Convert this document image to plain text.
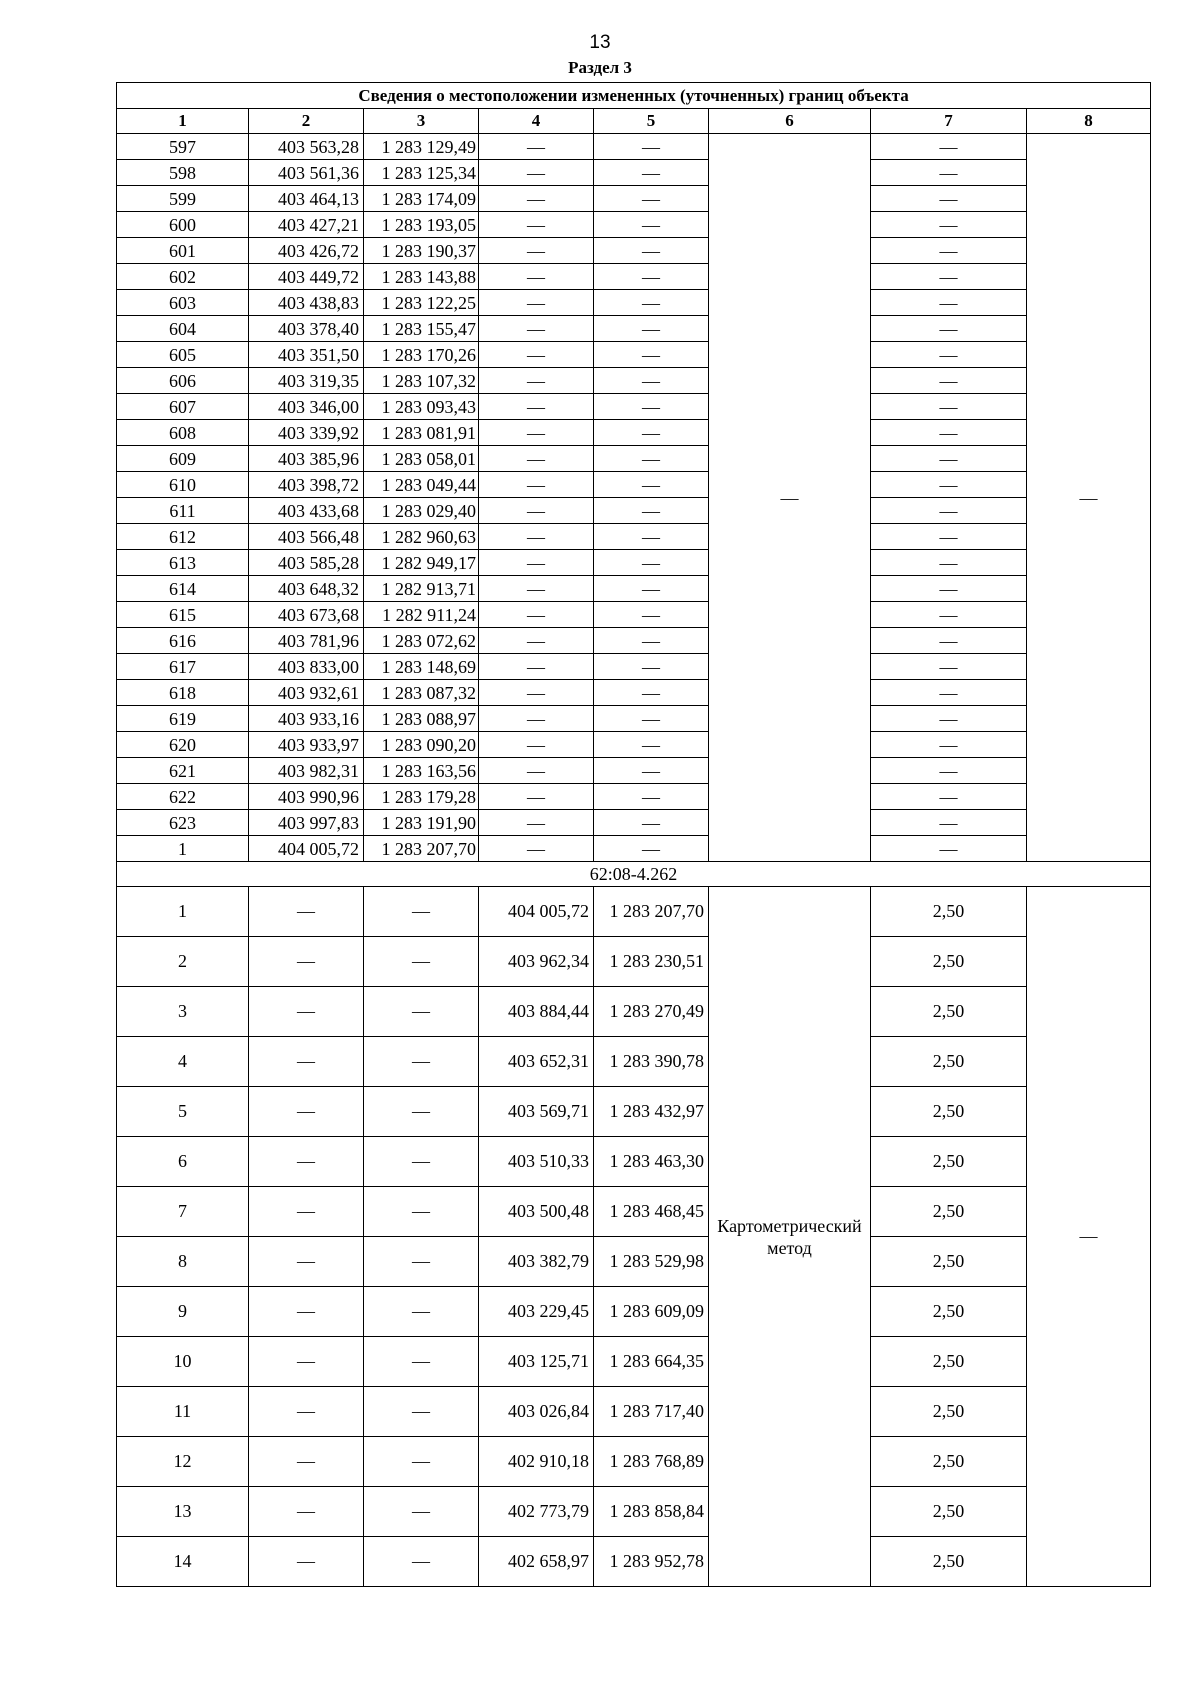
13
Раздел 3
Сведения о местоположении измененных (уточненных) границ объекта							
1	2	3	4	5	6	7	8
597	403 563,28	1 283 129,49	—	—	—	—	—
598	403 561,36	1 283 125,34	—	—		—	
599	403 464,13	1 283 174,09	—	—		—	
600	403 427,21	1 283 193,05	—	—		—	
601	403 426,72	1 283 190,37	—	—		—	
602	403 449,72	1 283 143,88	—	—		—	
603	403 438,83	1 283 122,25	—	—		—	
604	403 378,40	1 283 155,47	—	—		—	
605	403 351,50	1 283 170,26	—	—		—	
606	403 319,35	1 283 107,32	—	—		—	
607	403 346,00	1 283 093,43	—	—		—	
608	403 339,92	1 283 081,91	—	—		—	
609	403 385,96	1 283 058,01	—	—		—	
610	403 398,72	1 283 049,44	—	—		—	
611	403 433,68	1 283 029,40	—	—		—	
612	403 566,48	1 282 960,63	—	—		—	
613	403 585,28	1 282 949,17	—	—		—	
614	403 648,32	1 282 913,71	—	—		—	
615	403 673,68	1 282 911,24	—	—		—	
616	403 781,96	1 283 072,62	—	—		—	
617	403 833,00	1 283 148,69	—	—		—	
618	403 932,61	1 283 087,32	—	—		—	
619	403 933,16	1 283 088,97	—	—		—	
620	403 933,97	1 283 090,20	—	—		—	
621	403 982,31	1 283 163,56	—	—		—	
622	403 990,96	1 283 179,28	—	—		—	
623	403 997,83	1 283 191,90	—	—		—	
1	404 005,72	1 283 207,70	—	—		—	
62:08-4.262							
1	—	—	404 005,72	1 283 207,70	Картометрический метод	2,50	—
2	—	—	403 962,34	1 283 230,51		2,50	
3	—	—	403 884,44	1 283 270,49		2,50	
4	—	—	403 652,31	1 283 390,78		2,50	
5	—	—	403 569,71	1 283 432,97		2,50	
6	—	—	403 510,33	1 283 463,30		2,50	
7	—	—	403 500,48	1 283 468,45		2,50	
8	—	—	403 382,79	1 283 529,98		2,50	
9	—	—	403 229,45	1 283 609,09		2,50	
10	—	—	403 125,71	1 283 664,35		2,50	
11	—	—	403 026,84	1 283 717,40		2,50	
12	—	—	402 910,18	1 283 768,89		2,50	
13	—	—	402 773,79	1 283 858,84		2,50	
14	—	—	402 658,97	1 283 952,78		2,50	
